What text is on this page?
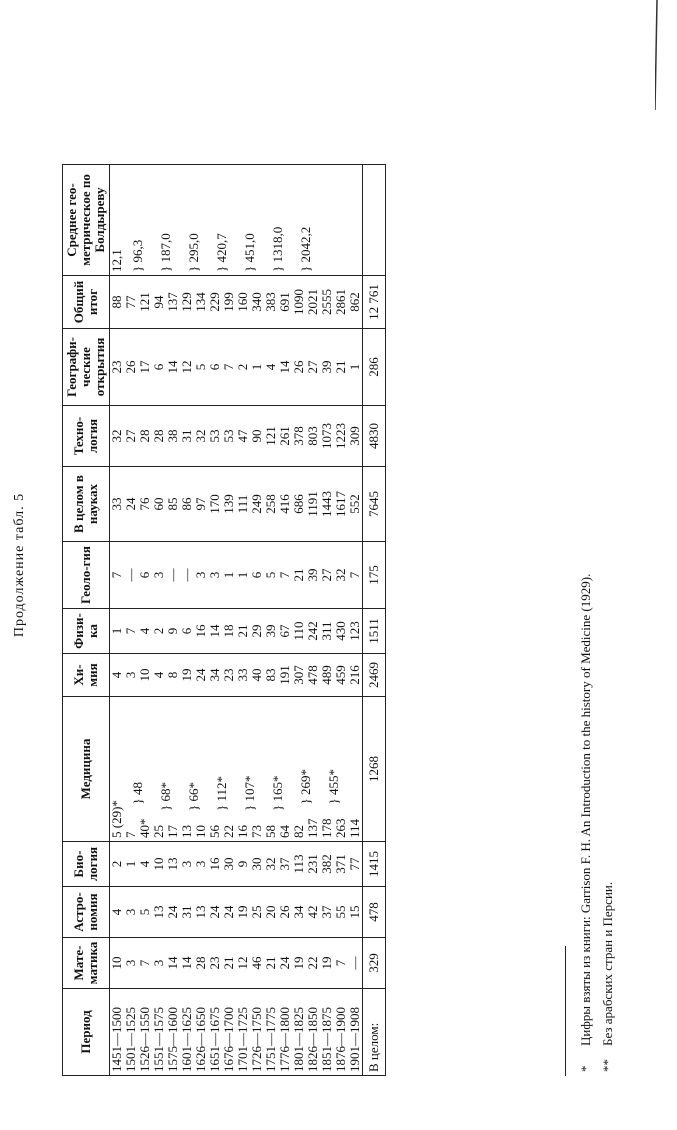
Продолжение табл. 5
Период	Мате-матика	Астро-номия	Био-логия	Медицина	Хи-мия	Физи-ка	Геоло-гия	В целом в науках	Техно-логия	Географи-ческие открытия	Общий итог	Среднее гео-метрическое по Болдырeву
1451—1500	10	4	2	5 (29)*	4	1	7	33	32	23	88	12,1
1501—1525	3	3	1	7	3	7	—	24	27	26	77	
1526—1550	7	5	4	40*} 48	10	4	6	76	28	17	121	} 96,3
1551—1575	3	13	10	25	4	2	3	60	28	6	94	
1575—1600	14	24	13	17} 68*	8	9	—	85	38	14	137	} 187,0
1601—1625	14	31	3	13	19	6	—	86	31	12	129	
1626—1650	28	13	3	10} 66*	24	16	3	97	32	5	134	} 295,0
1651—1675	23	24	16	56	34	14	3	170	53	6	229	
1676—1700	21	24	30	22} 112*	23	18	1	139	53	7	199	} 420,7
1701—1725	12	19	9	16	33	21	1	111	47	2	160	
1726—1750	46	25	30	73} 107*	40	29	6	249	90	1	340	} 451,0
1751—1775	21	20	32	58	83	39	5	258	121	4	383	
1776—1800	24	26	37	64} 165*	191	67	7	416	261	14	691	} 1318,0
1801—1825	19	34	113	82	307	110	21	686	378	26	1090	
1826—1850	22	42	231	137} 269*	478	242	39	1191	803	27	2021	} 2042,2
1851—1875	19	37	382	178	489	311	27	1443	1073	39	2555	
1876—1900	7	55	371	263} 455*	459	430	32	1617	1223	21	2861	
1901—1908	—	15	77	114	216	123	7	552	309	1	862	
В целом:	329	478	1415	1268	2469	1511	175	7645	4830	286	12 761	
*Цифры взяты из книги: Garrison F. H. An Introduction to the history of Medicine (1929).
**Без арабских стран и Персии.
